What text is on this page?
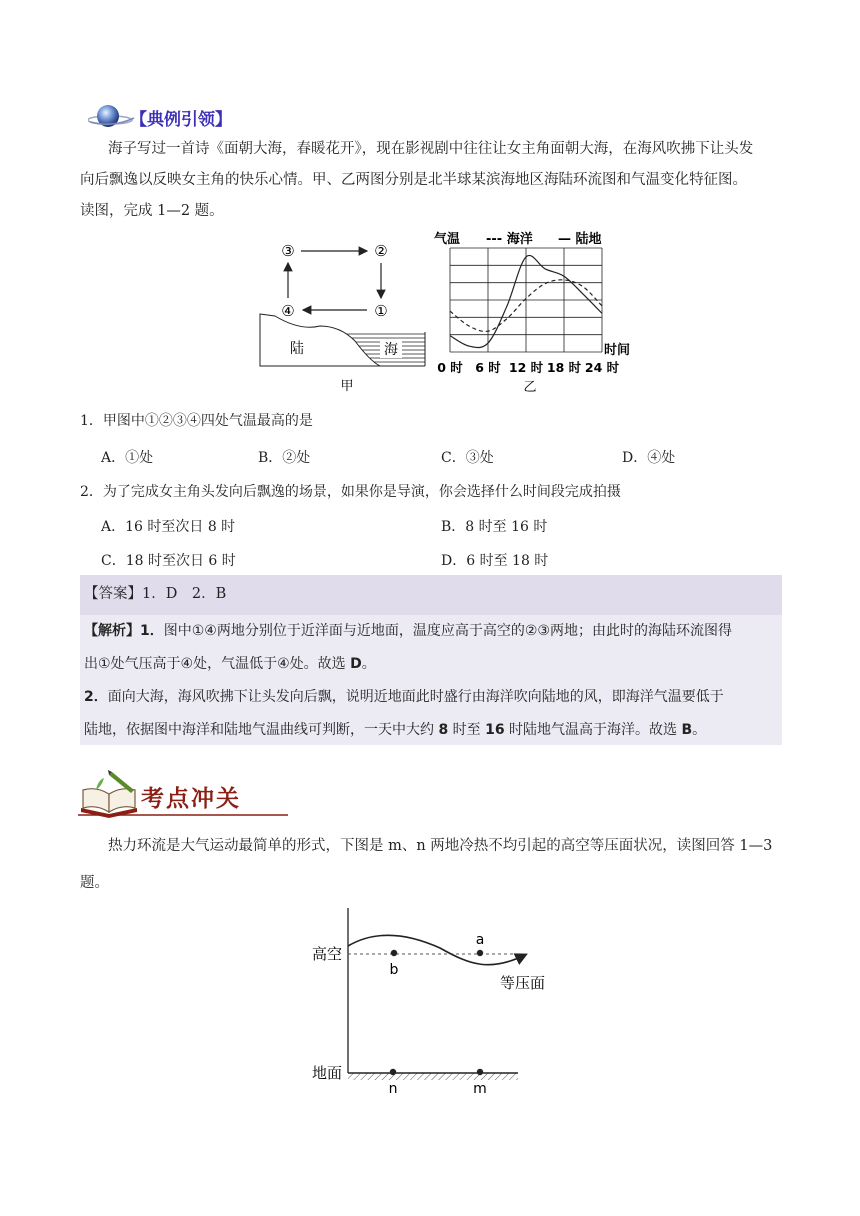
【典例引领】
海子写过一首诗《面朝大海，春暖花开》，现在影视剧中往往让女主角面朝大海，在海风吹拂下让头发
向后飘逸以反映女主角的快乐心情。甲、乙两图分别是北半球某滨海地区海陆环流图和气温变化特征图。
读图，完成 1—2 题。
③	②
①
④
陆	海
甲
气温 --- 海洋 — 陆地
时间
0 时 6 时 12 时 18 时 24 时
乙
1．甲图中①②③④四处气温最高的是
A．①处	B．②处	C．③处	D．④处
2．为了完成女主角头发向后飘逸的场景，如果你是导演，你会选择什么时间段完成拍摄
A．16 时至次日 8 时	B．8 时至 16 时
C．18 时至次日 6 时	D．6 时至 18 时
【答案】1．D　2．B
【解析】1．图中①④两地分别位于近洋面与近地面，温度应高于高空的②③两地；由此时的海陆环流图得
出①处气压高于④处，气温低于④处。故选 D。
2．面向大海，海风吹拂下让头发向后飘，说明近地面此时盛行由海洋吹向陆地的风，即海洋气温要低于
陆地，依据图中海洋和陆地气温曲线可判断，一天中大约 8 时至 16 时陆地气温高于海洋。故选 B。
考点冲关
热力环流是大气运动最简单的形式，下图是 m、n 两地冷热不均引起的高空等压面状况，读图回答 1—3
题。
a
b
高空
等压面
地面
n	m
